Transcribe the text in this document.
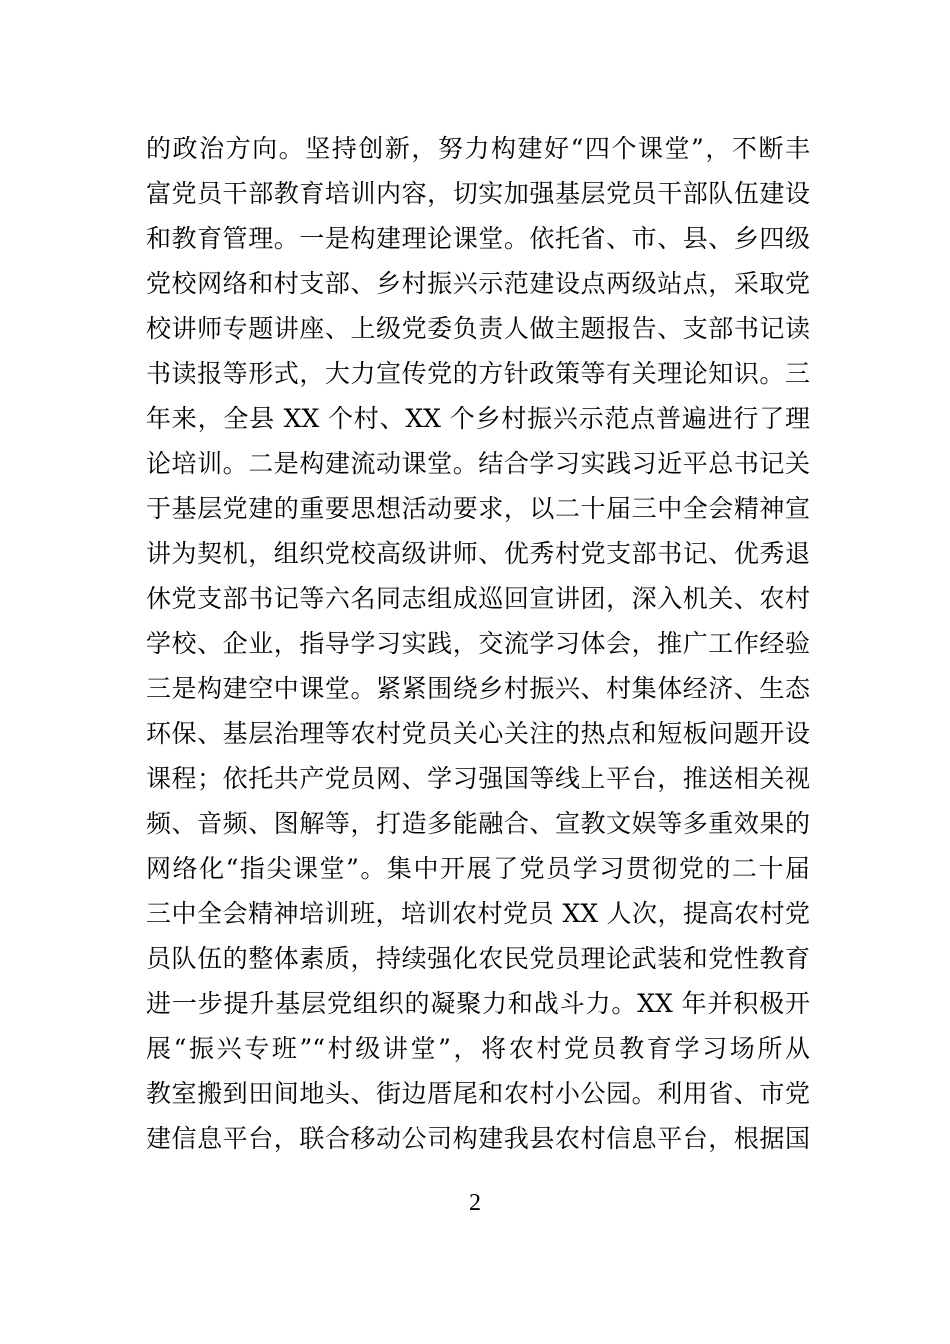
的政治方向。坚持创新，努力构建好“四个课堂”，不断丰
富党员干部教育培训内容，切实加强基层党员干部队伍建设
和教育管理。一是构建理论课堂。依托省、市、县、乡四级
党校网络和村支部、乡村振兴示范建设点两级站点，采取党
校讲师专题讲座、上级党委负责人做主题报告、支部书记读
书读报等形式，大力宣传党的方针政策等有关理论知识。三
年来，全县 XX 个村、XX 个乡村振兴示范点普遍进行了理
论培训。二是构建流动课堂。结合学习实践习近平总书记关
于基层党建的重要思想活动要求，以二十届三中全会精神宣
讲为契机，组织党校高级讲师、优秀村党支部书记、优秀退
休党支部书记等六名同志组成巡回宣讲团，深入机关、农村
学校、企业，指导学习实践，交流学习体会，推广工作经验
三是构建空中课堂。紧紧围绕乡村振兴、村集体经济、生态
环保、基层治理等农村党员关心关注的热点和短板问题开设
课程；依托共产党员网、学习强国等线上平台，推送相关视
频、音频、图解等，打造多能融合、宣教文娱等多重效果的
网络化“指尖课堂”。集中开展了党员学习贯彻党的二十届
三中全会精神培训班，培训农村党员 XX 人次，提高农村党
员队伍的整体素质，持续强化农民党员理论武装和党性教育
进一步提升基层党组织的凝聚力和战斗力。XX 年并积极开
展“振兴专班”“村级讲堂”，将农村党员教育学习场所从
教室搬到田间地头、街边厝尾和农村小公园。利用省、市党
建信息平台，联合移动公司构建我县农村信息平台，根据国
2
